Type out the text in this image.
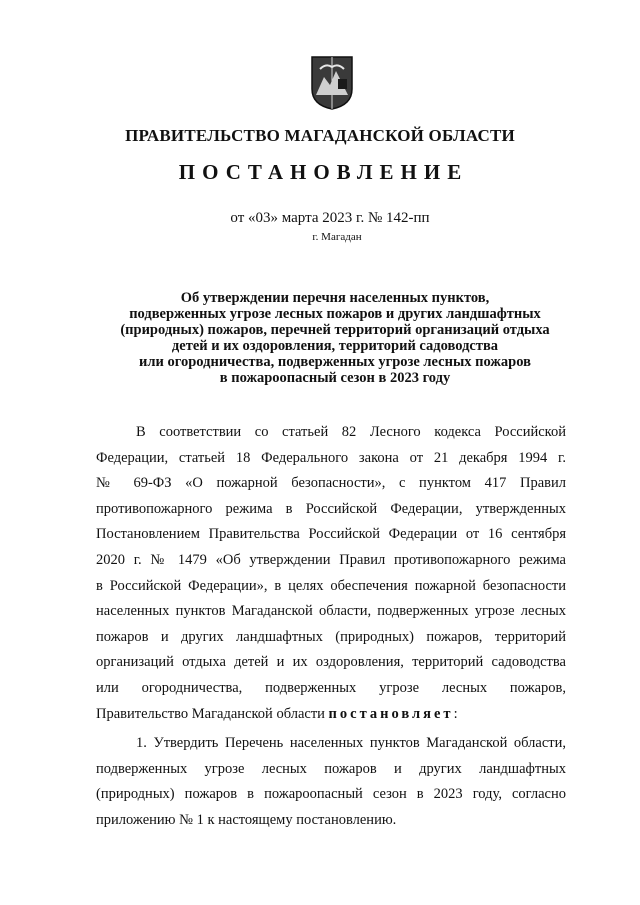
ПРАВИТЕЛЬСТВО МАГАДАНСКОЙ ОБЛАСТИ
ПОСТАНОВЛЕНИЕ
от «03» марта 2023 г. № 142-пп
г. Магадан
Об утверждении перечня населенных пунктов,
подверженных угрозе лесных пожаров и других ландшафтных
(природных) пожаров, перечней территорий организаций отдыха
детей и их оздоровления, территорий садоводства
или огородничества, подверженных угрозе лесных пожаров
в пожароопасный сезон в 2023 году
В соответствии со статьей 82 Лесного кодекса Российской
Федерации, статьей 18 Федерального закона от 21 декабря 1994 г.
№ 69-ФЗ «О пожарной безопасности», с пунктом 417 Правил
противопожарного режима в Российской Федерации, утвержденных
Постановлением Правительства Российской Федерации от 16 сентября
2020 г. № 1479 «Об утверждении Правил противопожарного режима
в Российской Федерации», в целях обеспечения пожарной безопасности
населенных пунктов Магаданской области, подверженных угрозе лесных
пожаров и других ландшафтных (природных) пожаров, территорий
организаций отдыха детей и их оздоровления, территорий садоводства
или огородничества, подверженных угрозе лесных пожаров,
Правительство Магаданской области постановляет:
1. Утвердить Перечень населенных пунктов Магаданской области,
подверженных угрозе лесных пожаров и других ландшафтных
(природных) пожаров в пожароопасный сезон в 2023 году, согласно
приложению № 1 к настоящему постановлению.
